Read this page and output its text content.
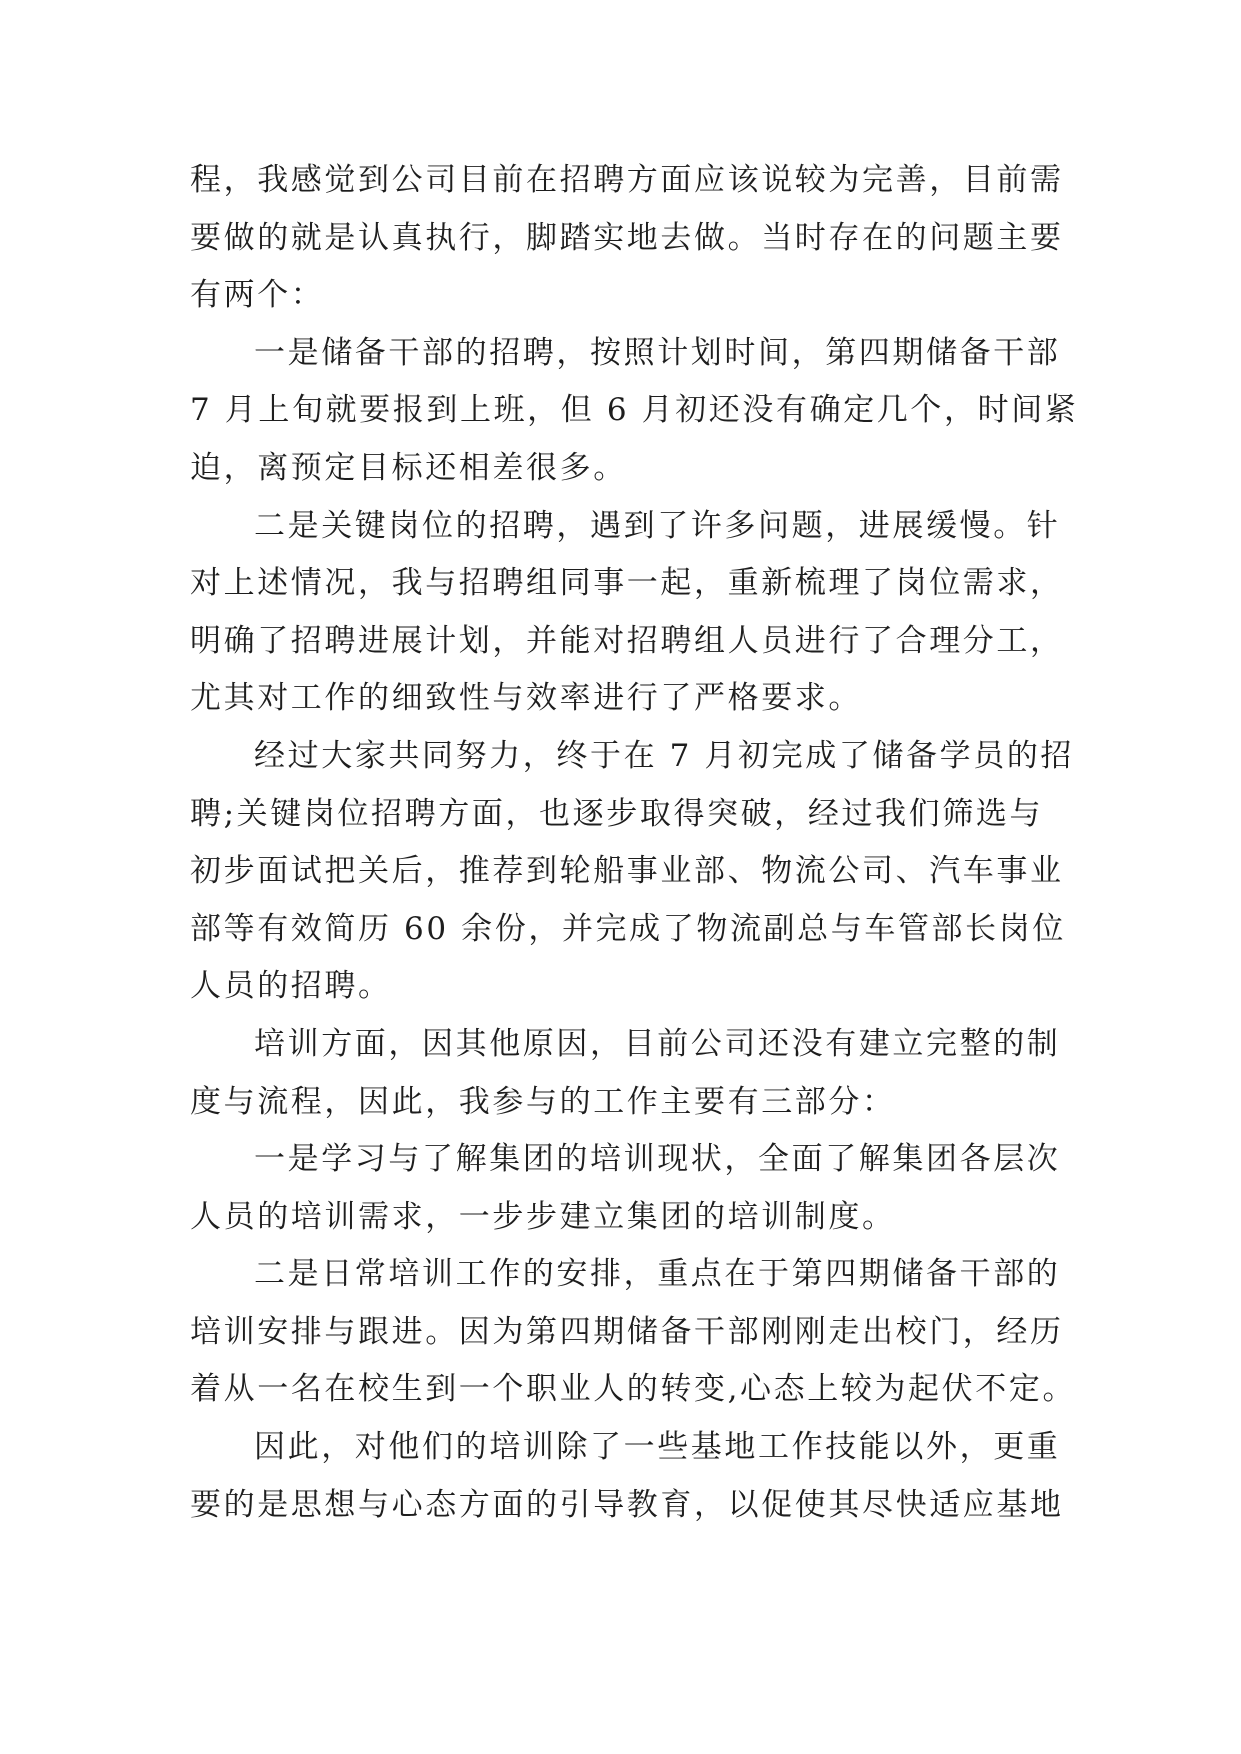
程，我感觉到公司目前在招聘方面应该说较为完善，目前需
要做的就是认真执行，脚踏实地去做。当时存在的问题主要
有两个：
一是储备干部的招聘，按照计划时间，第四期储备干部
7 月上旬就要报到上班，但 6 月初还没有确定几个，时间紧
迫，离预定目标还相差很多。
二是关键岗位的招聘，遇到了许多问题，进展缓慢。针
对上述情况，我与招聘组同事一起，重新梳理了岗位需求，
明确了招聘进展计划，并能对招聘组人员进行了合理分工，
尤其对工作的细致性与效率进行了严格要求。
经过大家共同努力，终于在 7 月初完成了储备学员的招
聘;关键岗位招聘方面，也逐步取得突破，经过我们筛选与
初步面试把关后，推荐到轮船事业部、物流公司、汽车事业
部等有效简历 60 余份，并完成了物流副总与车管部长岗位
人员的招聘。
培训方面，因其他原因，目前公司还没有建立完整的制
度与流程，因此，我参与的工作主要有三部分：
一是学习与了解集团的培训现状，全面了解集团各层次
人员的培训需求，一步步建立集团的培训制度。
二是日常培训工作的安排，重点在于第四期储备干部的
培训安排与跟进。因为第四期储备干部刚刚走出校门，经历
着从一名在校生到一个职业人的转变,心态上较为起伏不定。
因此，对他们的培训除了一些基地工作技能以外，更重
要的是思想与心态方面的引导教育，以促使其尽快适应基地
